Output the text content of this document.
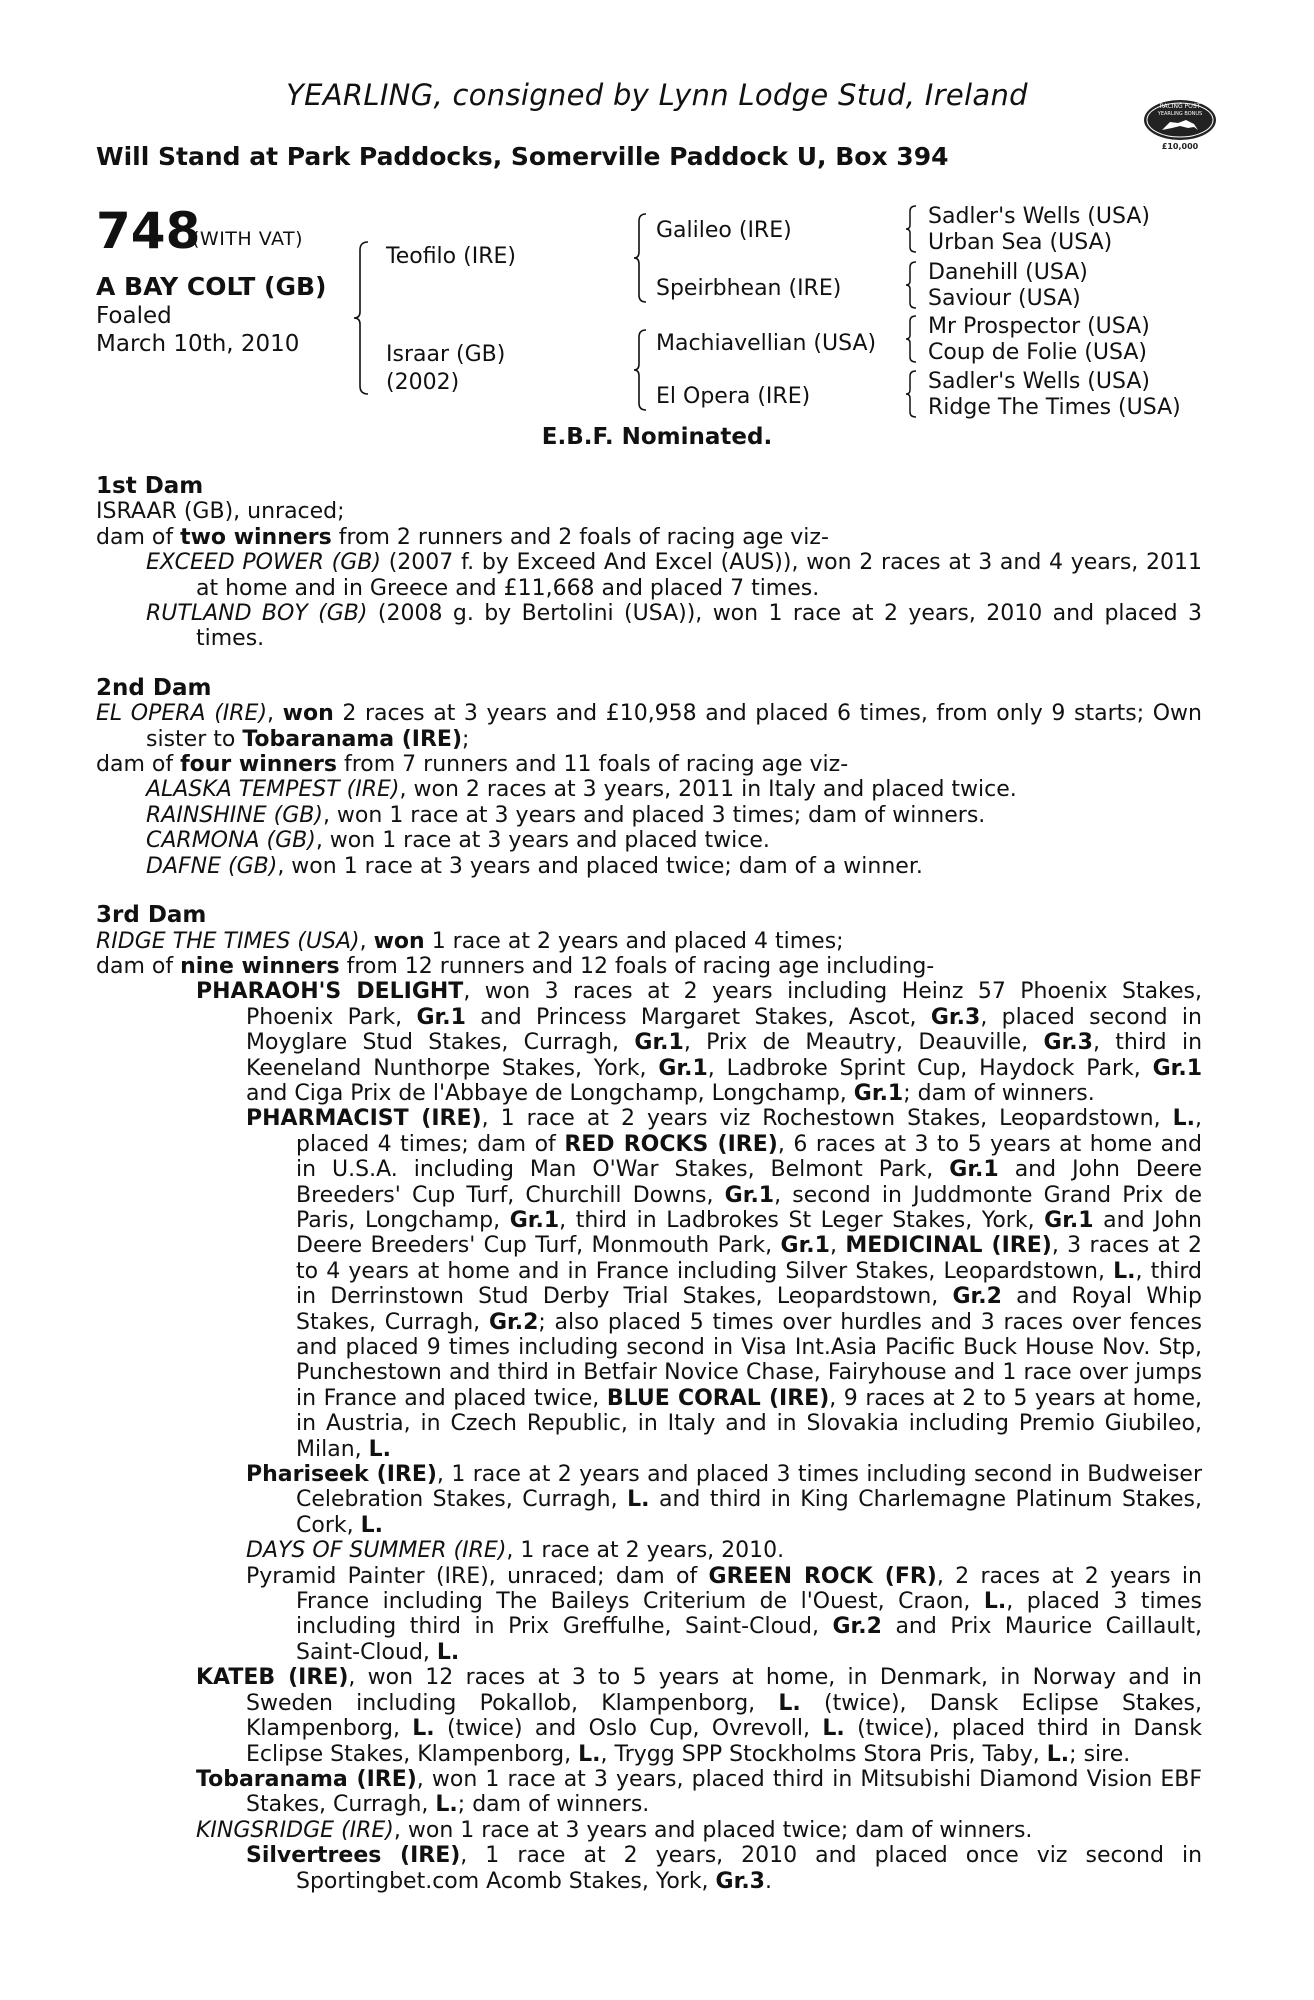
YEARLING, consigned by Lynn Lodge Stud, Ireland
Will Stand at Park Paddocks, Somerville Paddock U, Box 394
RACING POST
YEARLING BONUS
£10,000
748
(WITH VAT)
A BAY COLT (GB)
Foaled
March 10th, 2010
Teofilo (IRE)
Israar (GB)
(2002)
Galileo (IRE)
Speirbhean (IRE)
Machiavellian (USA)
El Opera (IRE)
Sadler's Wells (USA)
Urban Sea (USA)
Danehill (USA)
Saviour (USA)
Mr Prospector (USA)
Coup de Folie (USA)
Sadler's Wells (USA)
Ridge The Times (USA)
E.B.F. Nominated.
1st Dam

ISRAAR (GB), unraced;

dam of two winners from 2 runners and 2 foals of racing age viz-

EXCEED POWER (GB) (2007 f. by Exceed And Excel (AUS)), won 2 races at 3 and 4 years, 2011 at home and in Greece and £11,668 and placed 7 times.

RUTLAND BOY (GB) (2008 g. by Bertolini (USA)), won 1 race at 2 years, 2010 and placed 3 times.

2nd Dam

EL OPERA (IRE), won 2 races at 3 years and £10,958 and placed 6 times, from only 9 starts; Own sister to Tobaranama (IRE);

dam of four winners from 7 runners and 11 foals of racing age viz-

ALASKA TEMPEST (IRE), won 2 races at 3 years, 2011 in Italy and placed twice.

RAINSHINE (GB), won 1 race at 3 years and placed 3 times; dam of winners.

CARMONA (GB), won 1 race at 3 years and placed twice.

DAFNE (GB), won 1 race at 3 years and placed twice; dam of a winner.

3rd Dam

RIDGE THE TIMES (USA), won 1 race at 2 years and placed 4 times;

dam of nine winners from 12 runners and 12 foals of racing age including-

PHARAOH'S DELIGHT, won 3 races at 2 years including Heinz 57 Phoenix Stakes, Phoenix Park, Gr.1 and Princess Margaret Stakes, Ascot, Gr.3, placed second in Moyglare Stud Stakes, Curragh, Gr.1, Prix de Meautry, Deauville, Gr.3, third in Keeneland Nunthorpe Stakes, York, Gr.1, Ladbroke Sprint Cup, Haydock Park, Gr.1 and Ciga Prix de l'Abbaye de Longchamp, Longchamp, Gr.1; dam of winners.

PHARMACIST (IRE), 1 race at 2 years viz Rochestown Stakes, Leopardstown, L., placed 4 times; dam of RED ROCKS (IRE), 6 races at 3 to 5 years at home and in U.S.A. including Man O'War Stakes, Belmont Park, Gr.1 and John Deere Breeders' Cup Turf, Churchill Downs, Gr.1, second in Juddmonte Grand Prix de Paris, Longchamp, Gr.1, third in Ladbrokes St Leger Stakes, York, Gr.1 and John Deere Breeders' Cup Turf, Monmouth Park, Gr.1, MEDICINAL (IRE), 3 races at 2 to 4 years at home and in France including Silver Stakes, Leopardstown, L., third in Derrinstown Stud Derby Trial Stakes, Leopardstown, Gr.2 and Royal Whip Stakes, Curragh, Gr.2; also placed 5 times over hurdles and 3 races over fences and placed 9 times including second in Visa Int.Asia Pacific Buck House Nov. Stp, Punchestown and third in Betfair Novice Chase, Fairyhouse and 1 race over jumps in France and placed twice, BLUE CORAL (IRE), 9 races at 2 to 5 years at home, in Austria, in Czech Republic, in Italy and in Slovakia including Premio Giubileo, Milan, L.

Phariseek (IRE), 1 race at 2 years and placed 3 times including second in Budweiser Celebration Stakes, Curragh, L. and third in King Charlemagne Platinum Stakes, Cork, L.

DAYS OF SUMMER (IRE), 1 race at 2 years, 2010.

Pyramid Painter (IRE), unraced; dam of GREEN ROCK (FR), 2 races at 2 years in France including The Baileys Criterium de l'Ouest, Craon, L., placed 3 times including third in Prix Greffulhe, Saint-Cloud, Gr.2 and Prix Maurice Caillault, Saint-Cloud, L.

KATEB (IRE), won 12 races at 3 to 5 years at home, in Denmark, in Norway and in Sweden including Pokallob, Klampenborg, L. (twice), Dansk Eclipse Stakes, Klampenborg, L. (twice) and Oslo Cup, Ovrevoll, L. (twice), placed third in Dansk Eclipse Stakes, Klampenborg, L., Trygg SPP Stockholms Stora Pris, Taby, L.; sire.

Tobaranama (IRE), won 1 race at 3 years, placed third in Mitsubishi Diamond Vision EBF Stakes, Curragh, L.; dam of winners.

KINGSRIDGE (IRE), won 1 race at 3 years and placed twice; dam of winners.

Silvertrees (IRE), 1 race at 2 years, 2010 and placed once viz second in Sportingbet.com Acomb Stakes, York, Gr.3.
